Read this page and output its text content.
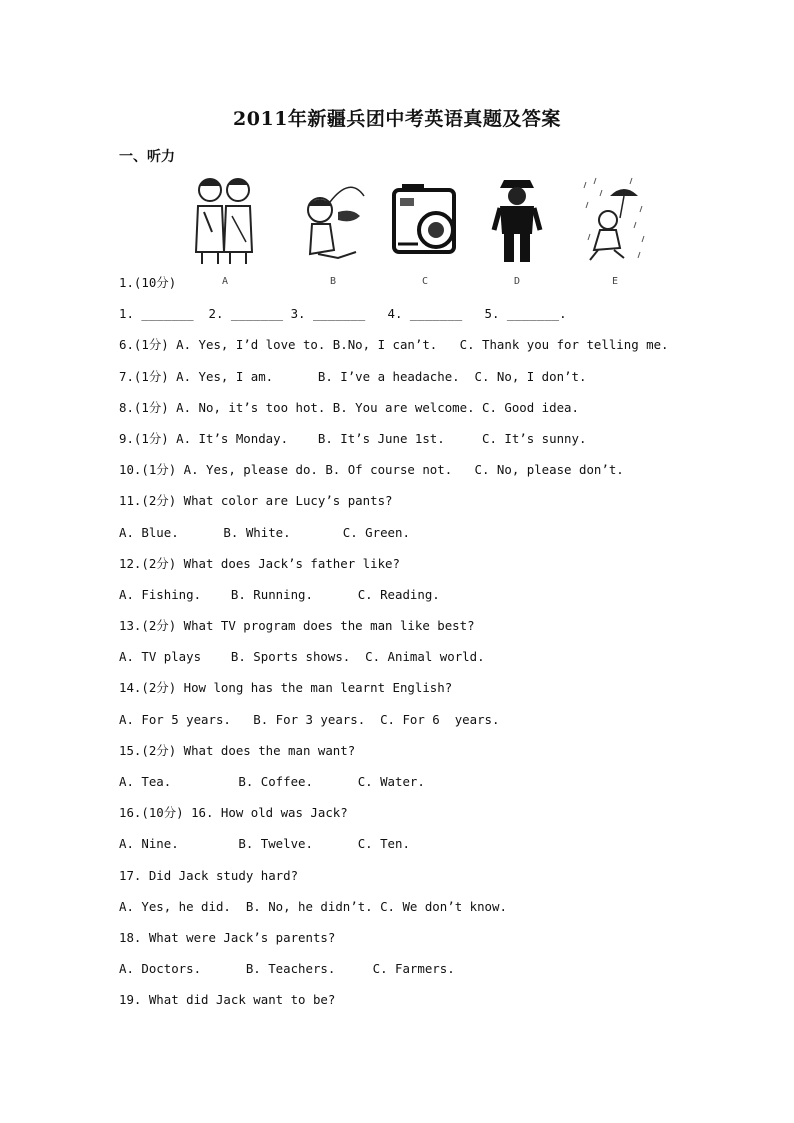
2011年新疆兵团中考英语真题及答案
一、听力
A	B	C	D	E
1.(10分)
1. _______  2. _______ 3. _______   4. _______   5. _______.
6.(1分) A. Yes, I’d love to. B.No, I can’t.   C. Thank you for telling me.
7.(1分) A. Yes, I am.      B. I’ve a headache.  C. No, I don’t.
8.(1分) A. No, it’s too hot. B. You are welcome. C. Good idea.
9.(1分) A. It’s Monday.    B. It’s June 1st.     C. It’s sunny.
10.(1分) A. Yes, please do. B. Of course not.   C. No, please don’t.
11.(2分) What color are Lucy’s pants?
A. Blue.      B. White.       C. Green.
12.(2分) What does Jack’s father like?
A. Fishing.    B. Running.      C. Reading.
13.(2分) What TV program does the man like best?
A. TV plays    B. Sports shows.  C. Animal world.
14.(2分) How long has the man learnt English?
A. For 5 years.   B. For 3 years.  C. For 6  years.
15.(2分) What does the man want?
A. Tea.         B. Coffee.      C. Water.
16.(10分) 16. How old was Jack?
A. Nine.        B. Twelve.      C. Ten.
17. Did Jack study hard?
A. Yes, he did.  B. No, he didn’t. C. We don’t know.
18. What were Jack’s parents?
A. Doctors.      B. Teachers.     C. Farmers.
19. What did Jack want to be?
